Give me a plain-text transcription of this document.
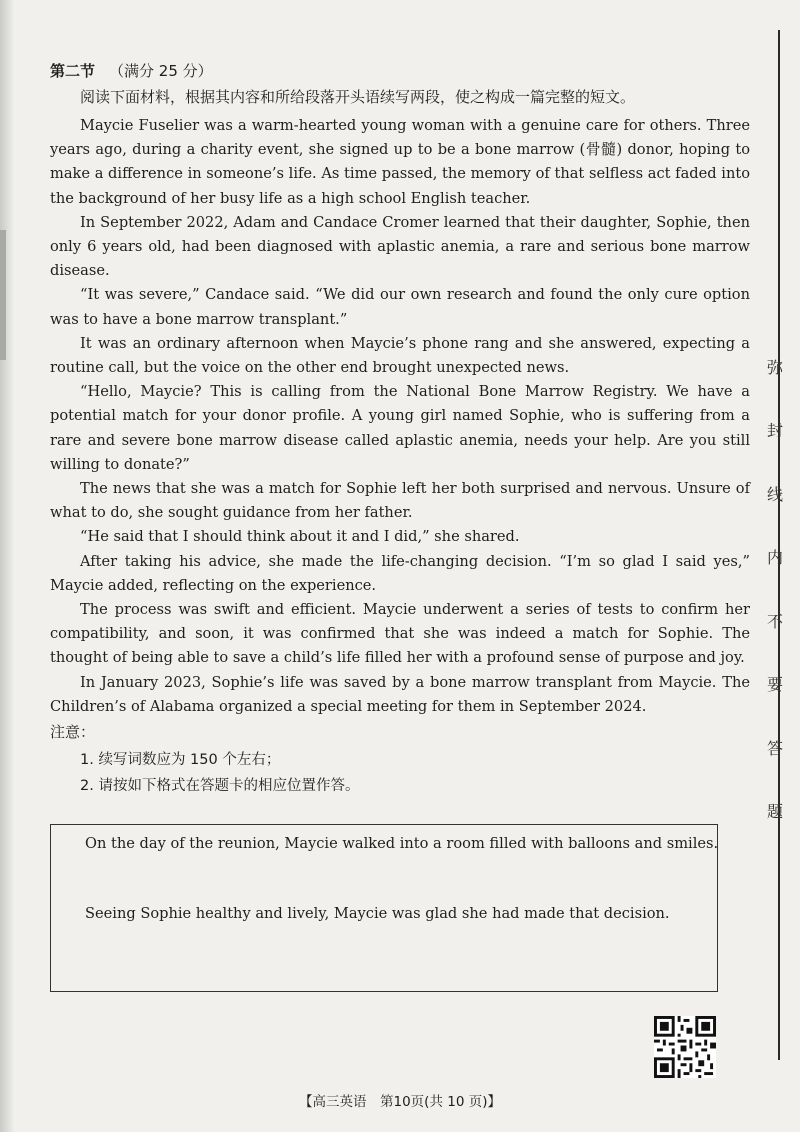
弥
封
线
内
不
要
答
题
第二节 （满分 25 分）
阅读下面材料，根据其内容和所给段落开头语续写两段，使之构成一篇完整的短文。

Maycie Fuselier was a warm-hearted young woman with a genuine care for others. Three years ago, during a charity event, she signed up to be a bone marrow (骨髓) donor, hoping to make a difference in someone’s life. As time passed, the memory of that selfless act faded into the background of her busy life as a high school English teacher.

In September 2022, Adam and Candace Cromer learned that their daughter, Sophie, then only 6 years old, had been diagnosed with aplastic anemia, a rare and serious bone marrow disease.

“It was severe,” Candace said. “We did our own research and found the only cure option was to have a bone marrow transplant.”

It was an ordinary afternoon when Maycie’s phone rang and she answered, expecting a routine call, but the voice on the other end brought unexpected news.

“Hello, Maycie? This is calling from the National Bone Marrow Registry. We have a potential match for your donor profile. A young girl named Sophie, who is suffering from a rare and severe bone marrow disease called aplastic anemia, needs your help. Are you still willing to donate?”

The news that she was a match for Sophie left her both surprised and nervous. Unsure of what to do, she sought guidance from her father.

“He said that I should think about it and I did,” she shared.

After taking his advice, she made the life-changing decision. “I’m so glad I said yes,” Maycie added, reflecting on the experience.

The process was swift and efficient. Maycie underwent a series of tests to confirm her compatibility, and soon, it was confirmed that she was indeed a match for Sophie. The thought of being able to save a child’s life filled her with a profound sense of purpose and joy.

In January 2023, Sophie’s life was saved by a bone marrow transplant from Maycie. The Children’s of Alabama organized a special meeting for them in September 2024.

注意：
1. 续写词数应为 150 个左右；
2. 请按如下格式在答题卡的相应位置作答。
On the day of the reunion, Maycie walked into a room filled with balloons and smiles.
Seeing Sophie healthy and lively, Maycie was glad she had made that decision.
【高三英语　第10页(共 10 页)】
